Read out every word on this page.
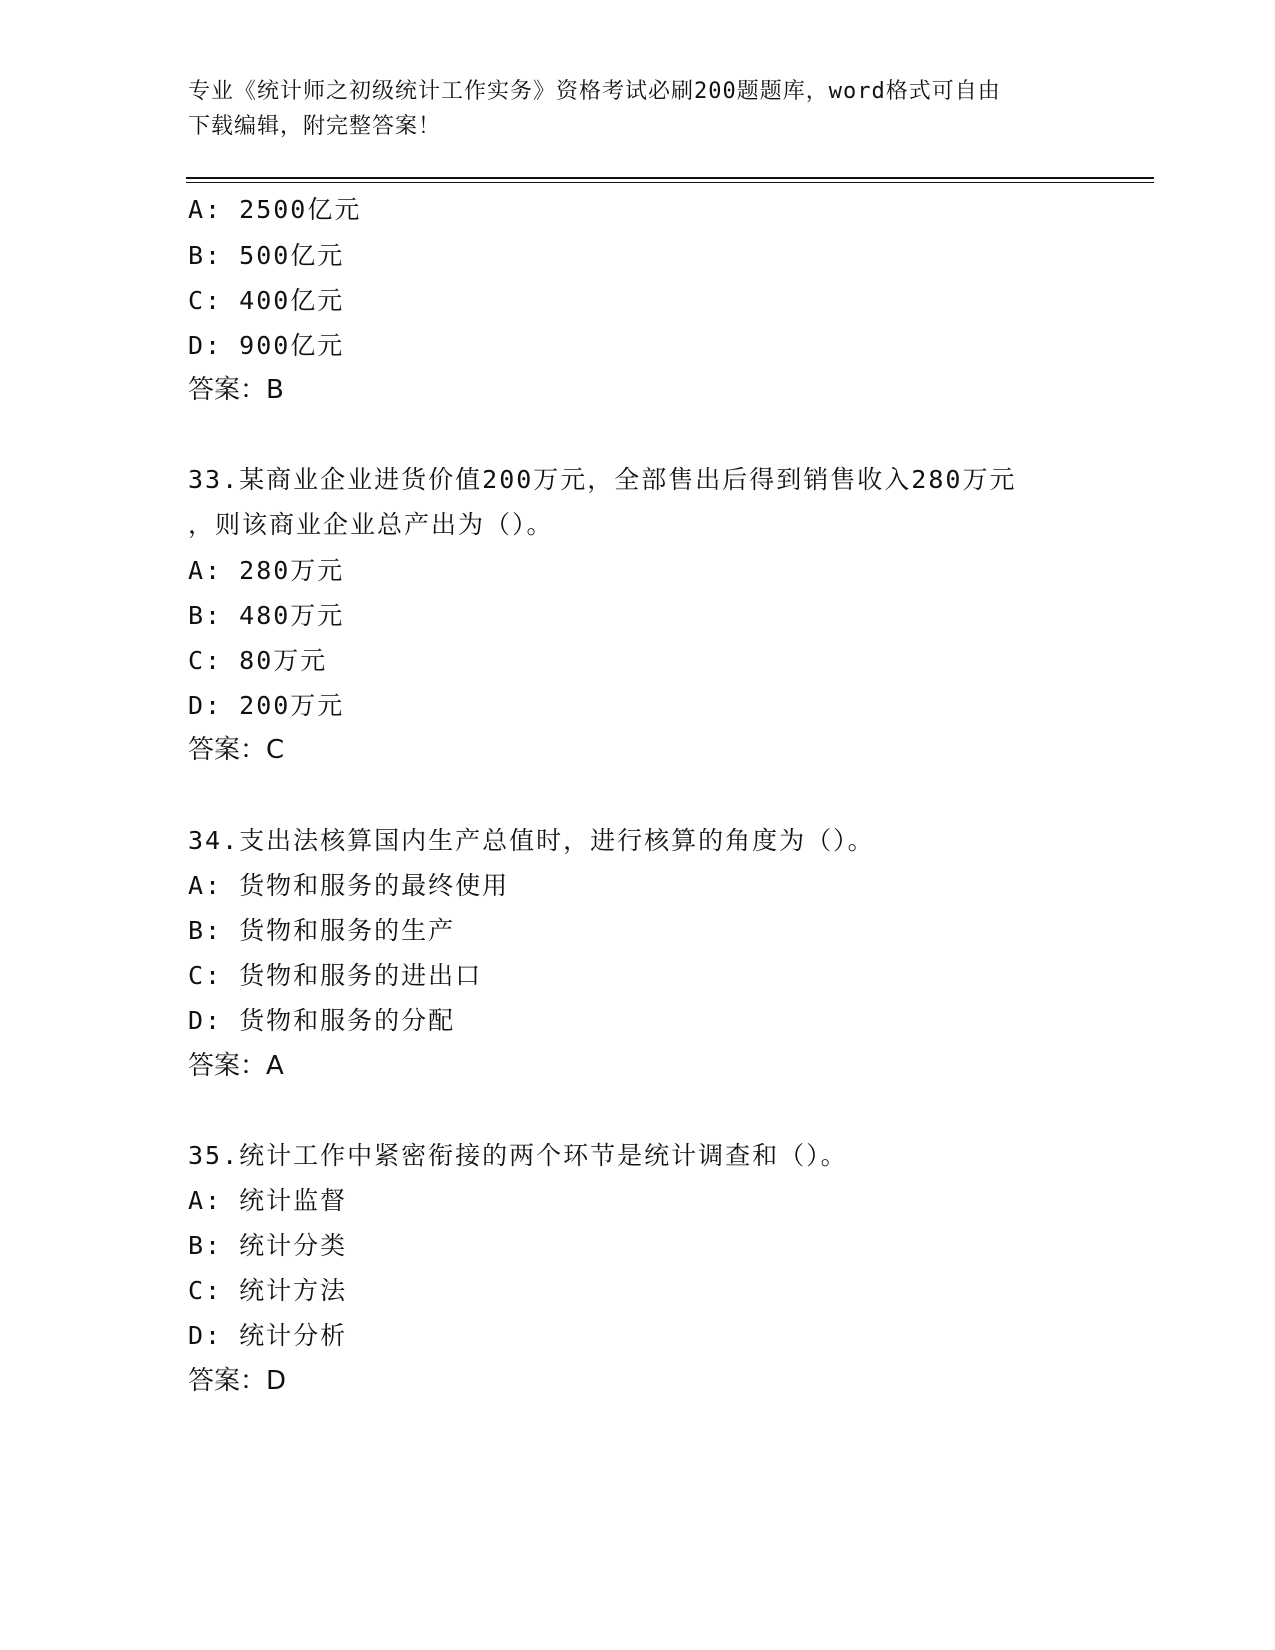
专业《统计师之初级统计工作实务》资格考试必刷200题题库，word格式可自由
下载编辑，附完整答案！
A: 2500亿元
B: 500亿元
C: 400亿元
D: 900亿元
答案：B
33.某商业企业进货价值200万元，全部售出后得到销售收入280万元
，则该商业企业总产出为（）。
A: 280万元
B: 480万元
C: 80万元
D: 200万元
答案：C
34.支出法核算国内生产总值时，进行核算的角度为（）。
A: 货物和服务的最终使用
B: 货物和服务的生产
C: 货物和服务的进出口
D: 货物和服务的分配
答案：A
35.统计工作中紧密衔接的两个环节是统计调查和（）。
A: 统计监督
B: 统计分类
C: 统计方法
D: 统计分析
答案：D
